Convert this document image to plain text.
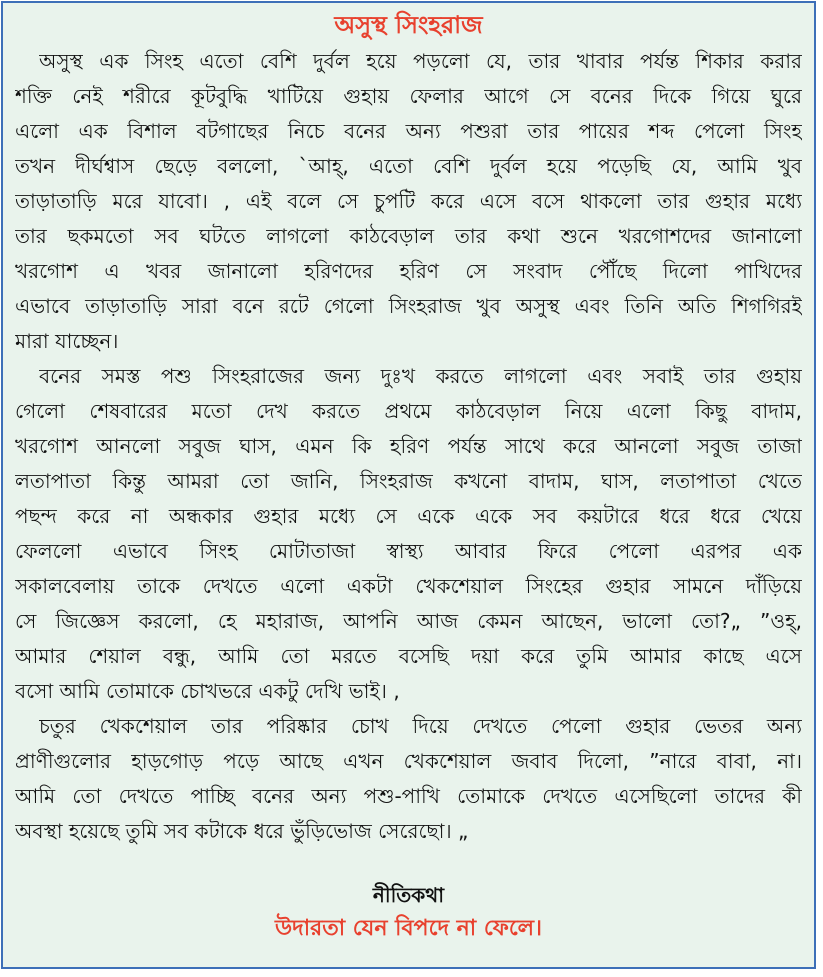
অসুস্থ সিংহরাজ
অসুস্থ এক সিংহ এতো বেশি দুর্বল হয়ে পড়লো যে, তার খাবার পর্যন্ত শিকার করার
শক্তি নেই শরীরে কূটবুদ্ধি খাটিয়ে গুহায় ফেলার আগে সে বনের দিকে গিয়ে ঘুরে
এলো এক বিশাল বটগাছের নিচে বনের অন্য পশুরা তার পায়ের শব্দ পেলো সিংহ
তখন দীর্ঘশ্বাস ছেড়ে বললো, `আহ্, এতো বেশি দুর্বল হয়ে পড়েছি যে, আমি খুব
তাড়াতাড়ি মরে যাবো। , এই বলে সে চুপটি করে এসে বসে থাকলো তার গুহার মধ্যে
তার ছকমতো সব ঘটতে লাগলো কাঠবেড়াল তার কথা শুনে খরগোশদের জানালো
খরগোশ এ খবর জানালো হরিণদের হরিণ সে সংবাদ পৌঁছে দিলো পাখিদের
এভাবে তাড়াতাড়ি সারা বনে রটে গেলো সিংহরাজ খুব অসুস্থ এবং তিনি অতি শিগগিরই
মারা যাচ্ছেন।
বনের সমস্ত পশু সিংহরাজের জন্য দুঃখ করতে লাগলো এবং সবাই তার গুহায়
গেলো শেষবারের মতো দেখ করতে প্রথমে কাঠবেড়াল নিয়ে এলো কিছু বাদাম,
খরগোশ আনলো সবুজ ঘাস, এমন কি হরিণ পর্যন্ত সাথে করে আনলো সবুজ তাজা
লতাপাতা কিন্তু আমরা তো জানি, সিংহরাজ কখনো বাদাম, ঘাস, লতাপাতা খেতে
পছন্দ করে না অন্ধকার গুহার মধ্যে সে একে একে সব কয়টারে ধরে ধরে খেয়ে
ফেললো এভাবে সিংহ মোটাতাজা স্বাস্থ্য আবার ফিরে পেলো এরপর এক
সকালবেলায় তাকে দেখতে এলো একটা খেকশেয়াল সিংহের গুহার সামনে দাঁড়িয়ে
সে জিজ্ঞেস করলো, হে মহারাজ, আপনি আজ কেমন আছেন, ভালো তো?„ ”ওহ্,
আমার শেয়াল বন্ধু, আমি তো মরতে বসেছি দয়া করে তুমি আমার কাছে এসে
বসো আমি তোমাকে চোখভরে একটু দেখি ভাই। ,
চতুর খেকশেয়াল তার পরিষ্কার চোখ দিয়ে দেখতে পেলো গুহার ভেতর অন্য
প্রাণীগুলোর হাড়গোড় পড়ে আছে এখন খেকশেয়াল জবাব দিলো, ”নারে বাবা, না।
আমি তো দেখতে পাচ্ছি বনের অন্য পশু-পাখি তোমাকে দেখতে এসেছিলো তাদের কী
অবস্থা হয়েছে তুমি সব কটাকে ধরে ভুঁড়িভোজ সেরেছো। „
নীতিকথা
উদারতা যেন বিপদে না ফেলে।
